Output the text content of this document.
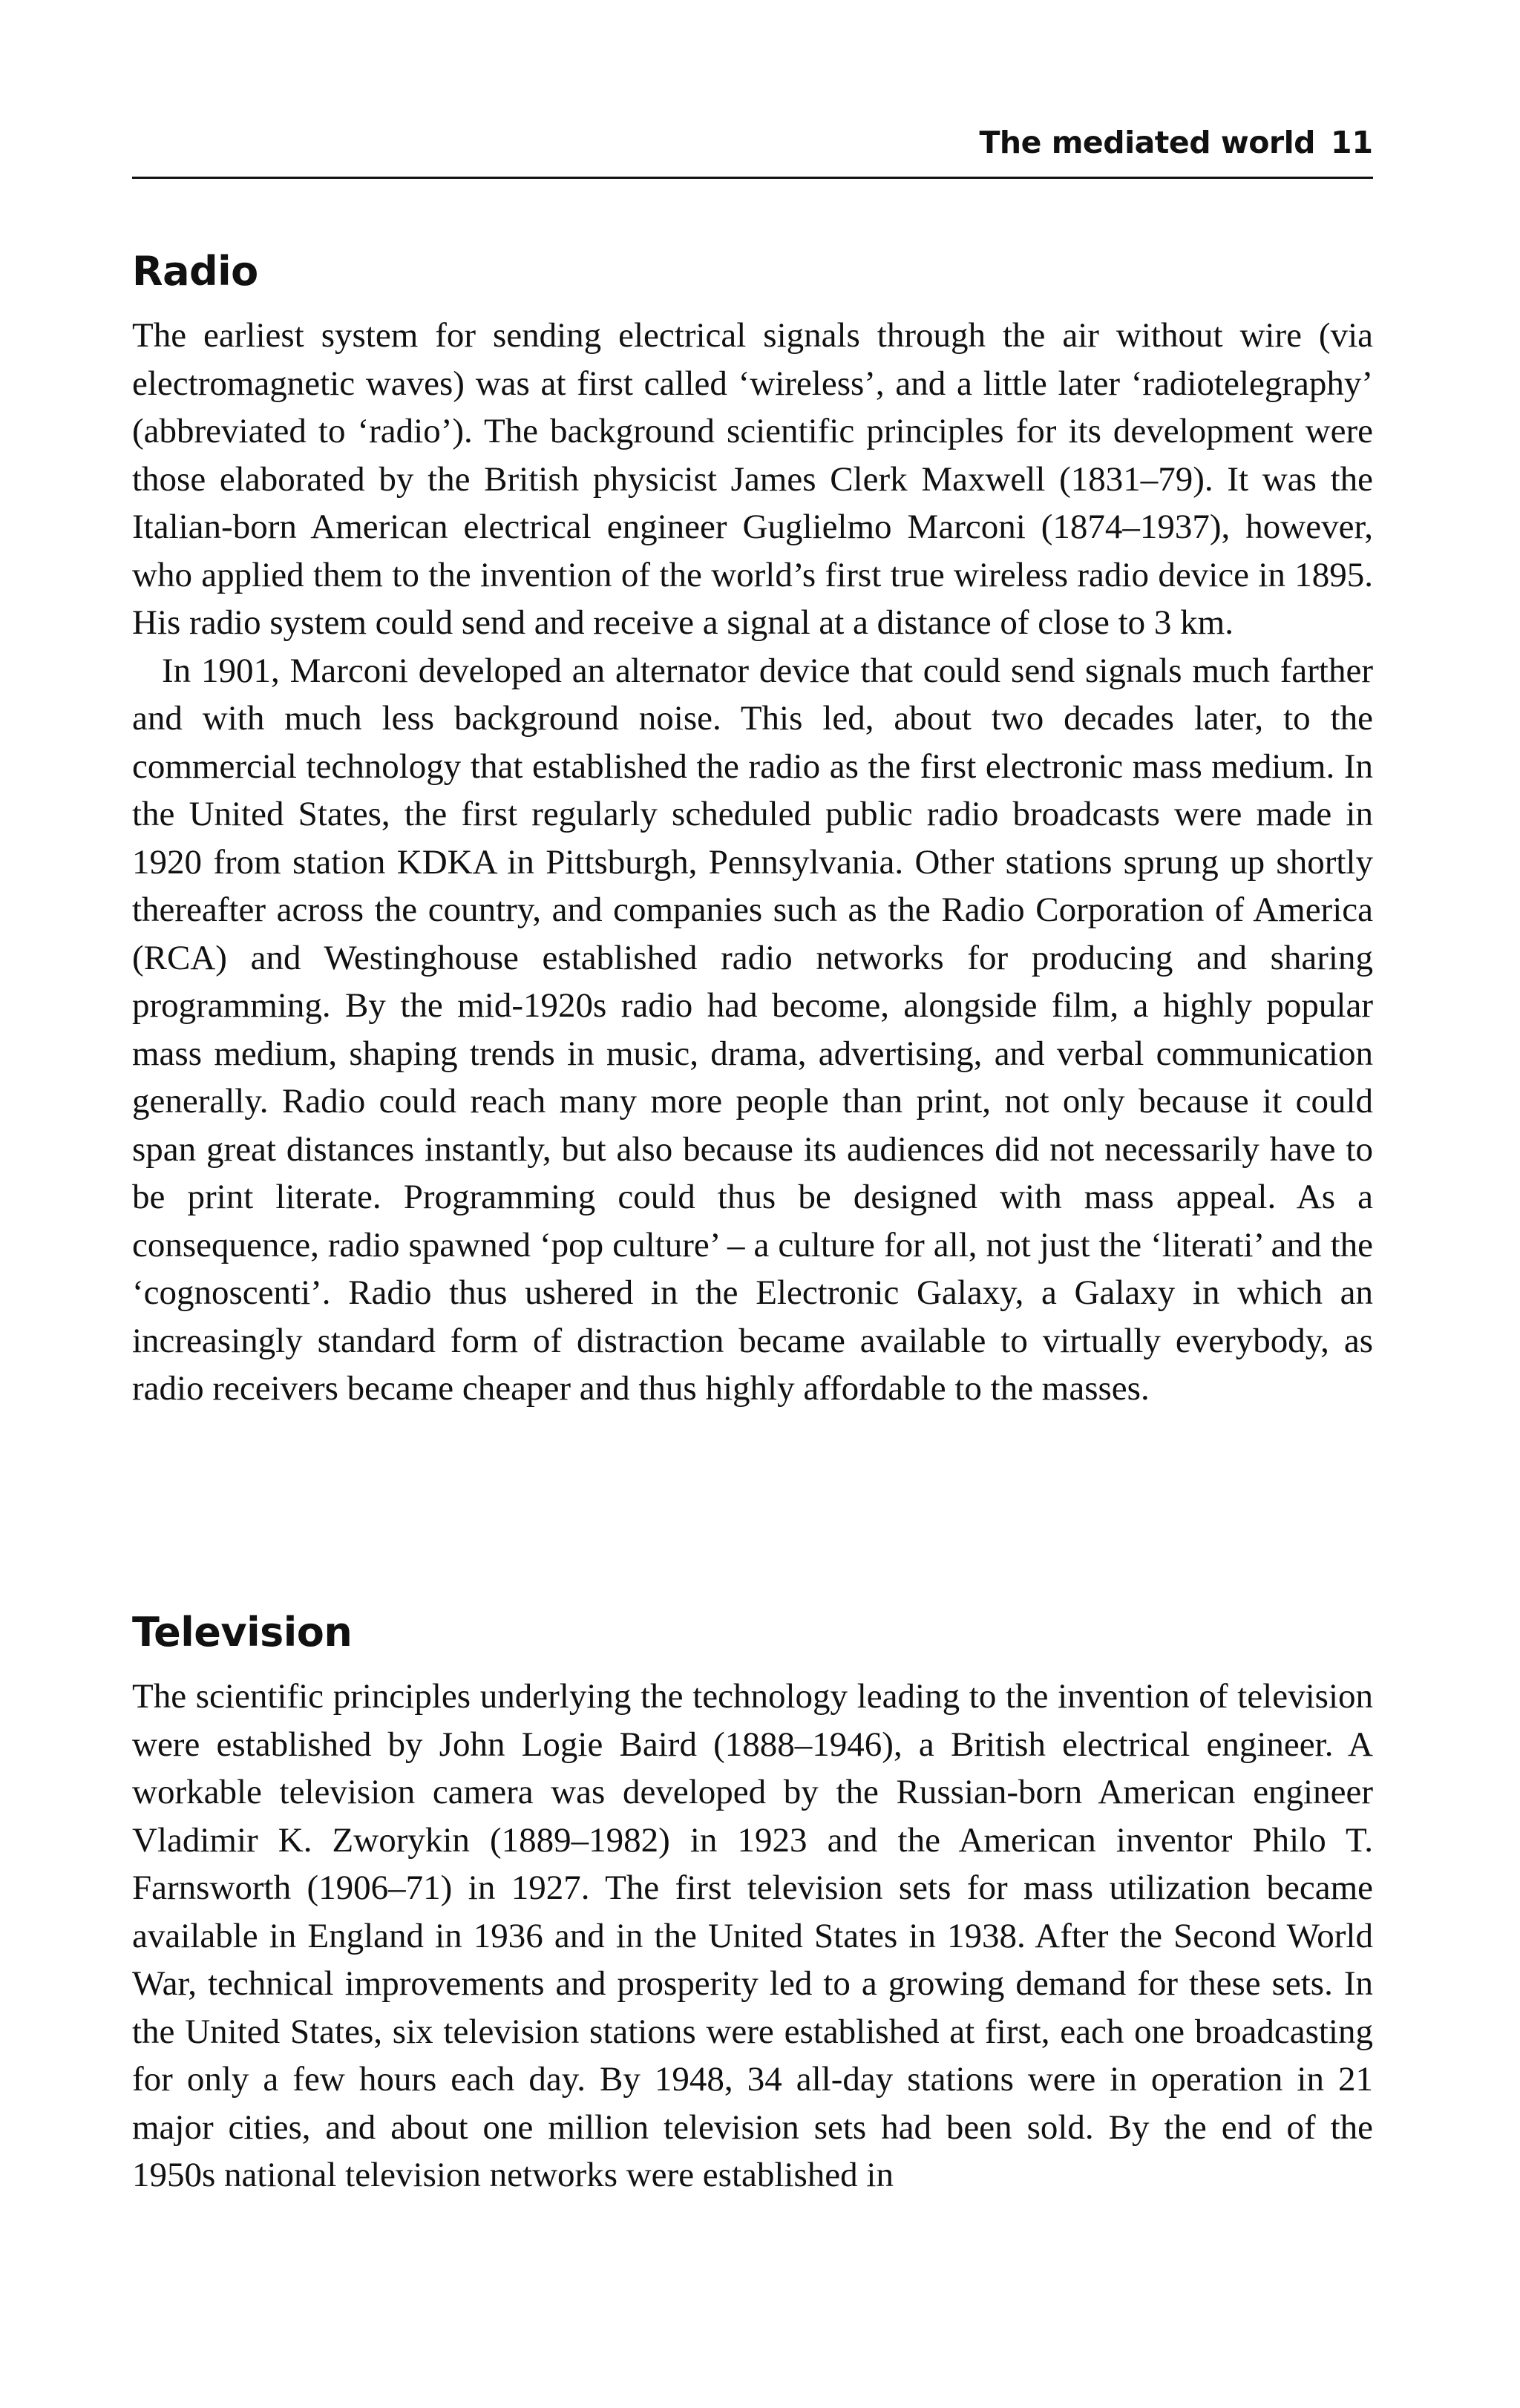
The mediated world 11
Radio

The earliest system for sending electrical signals through the air without wire (via electromagnetic waves) was at first called ‘wireless’, and a little later ‘radiotelegraphy’ (abbreviated to ‘radio’). The background scientific principles for its development were those elaborated by the British physicist James Clerk Maxwell (1831–79). It was the Italian-born American electrical engineer Guglielmo Marconi (1874–1937), however, who applied them to the invention of the world’s first true wireless radio device in 1895. His radio system could send and receive a signal at a distance of close to 3 km.

In 1901, Marconi developed an alternator device that could send signals much farther and with much less background noise. This led, about two decades later, to the commercial technology that established the radio as the first electronic mass medium. In the United States, the first regularly scheduled public radio broadcasts were made in 1920 from station KDKA in Pittsburgh, Pennsylvania. Other stations sprung up shortly thereafter across the country, and companies such as the Radio Corporation of America (RCA) and Westinghouse established radio networks for producing and sharing programming. By the mid-1920s radio had become, alongside film, a highly popular mass medium, shaping trends in music, drama, advertising, and verbal communication generally. Radio could reach many more people than print, not only because it could span great distances instantly, but also because its audiences did not necessarily have to be print literate. Programming could thus be designed with mass appeal. As a consequence, radio spawned ‘pop culture’ – a culture for all, not just the ‘literati’ and the ‘cognoscenti’. Radio thus ushered in the Electronic Galaxy, a Galaxy in which an increasingly standard form of distraction became available to virtually everybody, as radio receivers became cheaper and thus highly affordable to the masses.

Television

The scientific principles underlying the technology leading to the invention of television were established by John Logie Baird (1888–1946), a British electrical engineer. A workable television camera was developed by the Russian-born American engineer Vladimir K. Zworykin (1889–1982) in 1923 and the American inventor Philo T. Farnsworth (1906–71) in 1927. The first television sets for mass utilization became available in England in 1936 and in the United States in 1938. After the Second World War, technical improvements and prosperity led to a growing demand for these sets. In the United States, six television stations were established at first, each one broadcasting for only a few hours each day. By 1948, 34 all-day stations were in operation in 21 major cities, and about one million television sets had been sold. By the end of the 1950s national television networks were established in
